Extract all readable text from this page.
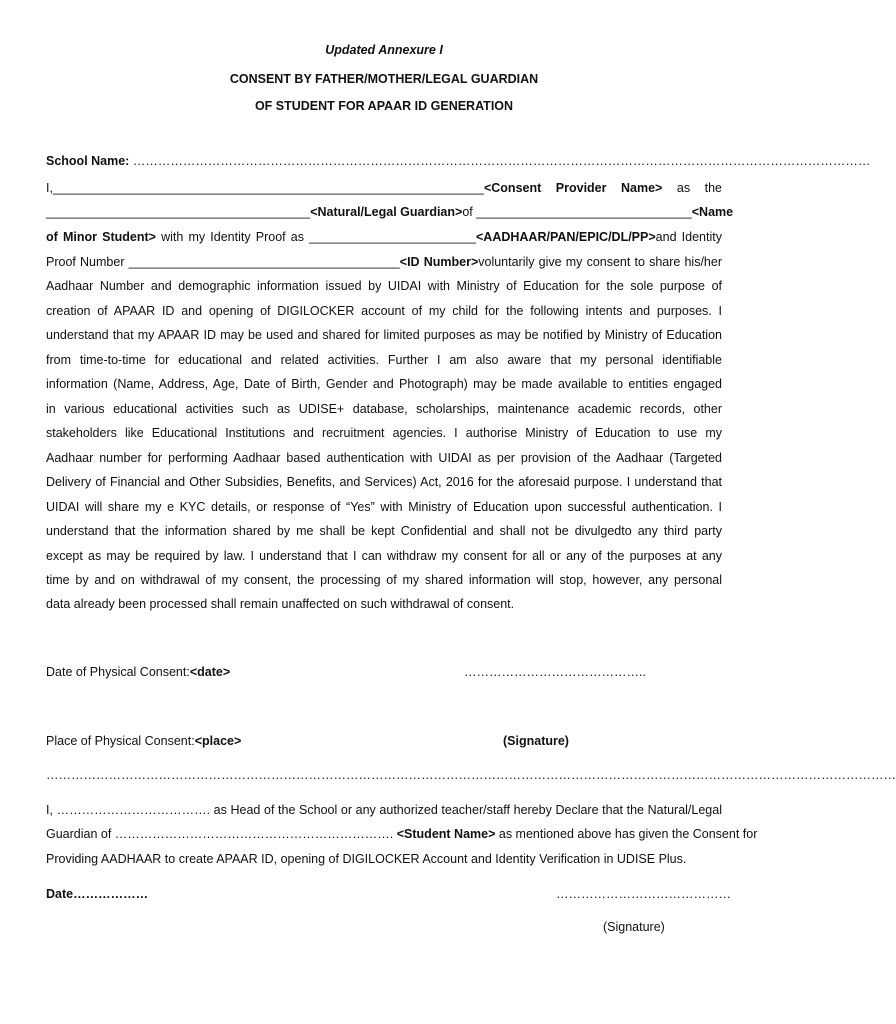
Updated Annexure I
CONSENT BY FATHER/MOTHER/LEGAL GUARDIAN
OF STUDENT FOR APAAR ID GENERATION
School Name: ……………………………………………………………………………………………………………………………………………………………
I,______________________________________________________________<Consent Provider Name> as the
______________________________________<Natural/Legal Guardian>of _______________________________<Name
of Minor Student> with my Identity Proof as ________________________<AADHAAR/PAN/EPIC/DL/PP>and Identity
Proof Number _______________________________________<ID Number>voluntarily give my consent to share his/her
Aadhaar Number and demographic information issued by UIDAI with Ministry of Education for the sole purpose of
creation of APAAR ID and opening of DIGILOCKER account of my child for the following intents and purposes. I
understand that my APAAR ID may be used and shared for limited purposes as may be notified by Ministry of Education
from time-to-time for educational and related activities. Further I am also aware that my personal identifiable
information (Name, Address, Age, Date of Birth, Gender and Photograph) may be made available to entities engaged
in various educational activities such as UDISE+ database, scholarships, maintenance academic records, other
stakeholders like Educational Institutions and recruitment agencies. I authorise Ministry of Education to use my
Aadhaar number for performing Aadhaar based authentication with UIDAI as per provision of the Aadhaar (Targeted
Delivery of Financial and Other Subsidies, Benefits, and Services) Act, 2016 for the aforesaid purpose. I understand that
UIDAI will share my e KYC details, or response of “Yes” with Ministry of Education upon successful authentication. I
understand that the information shared by me shall be kept Confidential and shall not be divulgedto any third party
except as may be required by law. I understand that I can withdraw my consent for all or any of the purposes at any
time by and on withdrawal of my consent, the processing of my shared information will stop, however, any personal
data already been processed shall remain unaffected on such withdrawal of consent.
Date of Physical Consent:<date>	……………………………………..
Place of Physical Consent:<place>	(Signature)
……………………………………………………………………………………………………………………………………………………………………………………
I, ………………………………. as Head of the School or any authorized teacher/staff hereby Declare that the Natural/Legal
Guardian of …………………………………………………………. <Student Name> as mentioned above has given the Consent for
Providing AADHAAR to create APAAR ID, opening of DIGILOCKER Account and Identity Verification in UDISE Plus.
Date………………	……………………………………
(Signature)
